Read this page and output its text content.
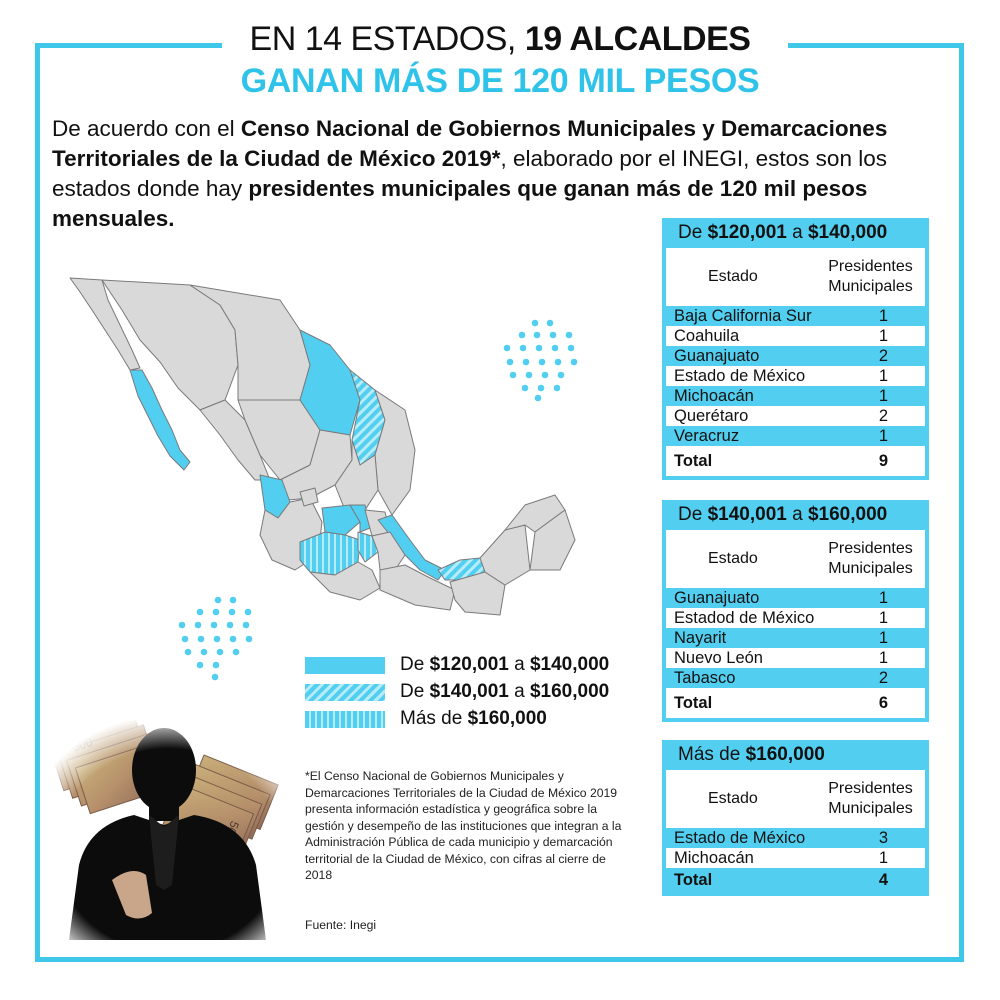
EN 14 ESTADOS, 19 ALCALDES
GANAN MÁS DE 120 MIL PESOS
De acuerdo con el Censo Nacional de Gobiernos Municipales y Demarcaciones Territoriales de la Ciudad de México 2019*, elaborado por el INEGI, estos son los estados donde hay presidentes municipales que ganan más de 120 mil pesos mensuales.
De $120,001 a $140,000
Estado
Presidentes
Municipales
Baja California Sur	1
Coahuila	1
Guanajuato	2
Estado de México	1
Michoacán	1
Querétaro	2
Veracruz	1
Total	9
De $140,001 a $160,000
Estado
Presidentes
Municipales
Guanajuato	1
Estadod de México	1
Nayarit	1
Nuevo León	1
Tabasco	2
Total	6
Más de $160,000
Estado
Presidentes
Municipales
Estado de México	3
Michoacán	1
Total	4
De $120,001 a $140,000
De $140,001 a $160,000
Más de $160,000
*El Censo Nacional de Gobiernos Municipales y Demarcaciones Territoriales de la Ciudad de México 2019 presenta información estadística y geográfica sobre la gestión y desempeño de las instituciones que integran a la Administración Pública de cada municipio y demarcación territorial de la Ciudad de México, con cifras al cierre de 2018
Fuente: Inegi
